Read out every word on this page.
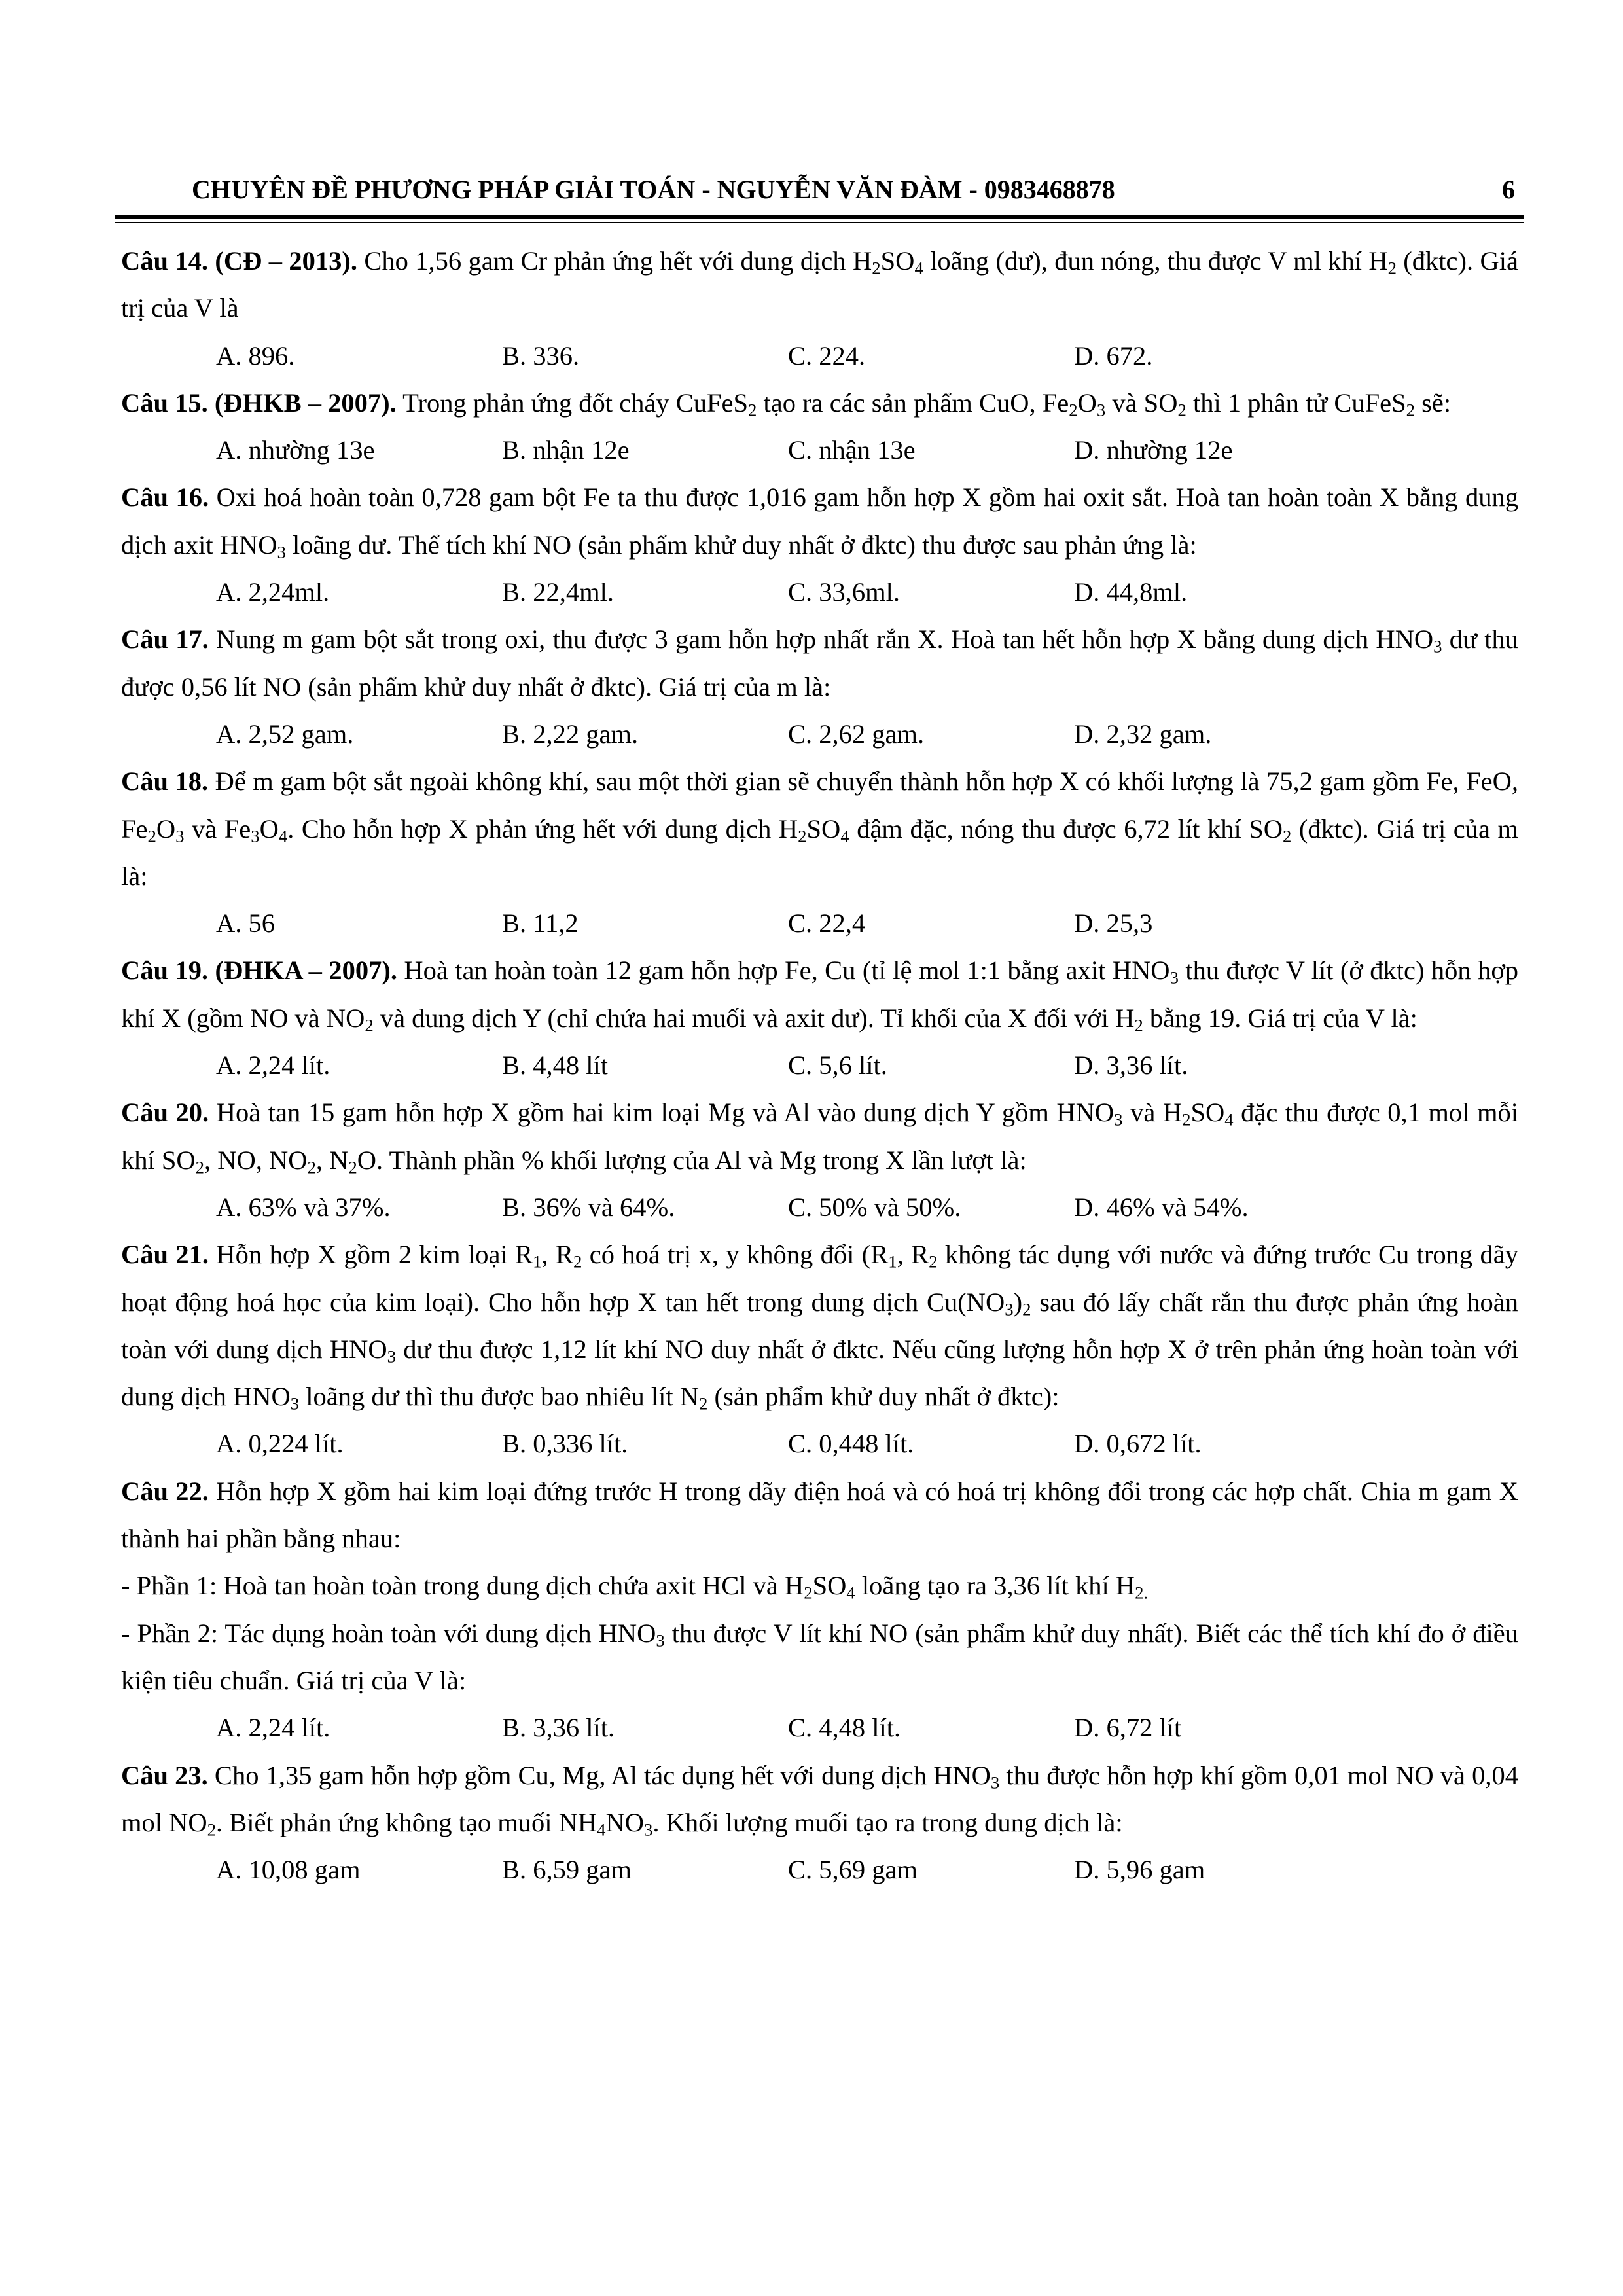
CHUYÊN ĐỀ PHƯƠNG PHÁP GIẢI TOÁN - NGUYỄN VĂN ĐÀM - 0983468878	6

Câu 14. (CĐ – 2013). Cho 1,56 gam Cr phản ứng hết với dung dịch $H_2SO_4$ loãng (dư), đun nóng, thu được V ml khí $H_2$ (đktc). Giá trị của V là

A. 896.	B. 336.	C. 224.	D. 672.

Câu 15. (ĐHKB – 2007). Trong phản ứng đốt cháy CuFeS$_2$ tạo ra các sản phẩm CuO, $Fe_2O_3$ và $SO_2$ thì 1 phân tử CuFeS$_2$ sẽ:

A. nhường 13e	B. nhận 12e	C. nhận 13e	D. nhường 12e

Câu 16. Oxi hoá hoàn toàn 0,728 gam bột Fe ta thu được 1,016 gam hỗn hợp X gồm hai oxit sắt. Hoà tan hoàn toàn X bằng dung dịch axit $HNO_3$ loãng dư. Thể tích khí NO (sản phẩm khử duy nhất ở đktc) thu được sau phản ứng là:

A. 2,24ml.	B. 22,4ml.	C. 33,6ml.	D. 44,8ml.

Câu 17. Nung m gam bột sắt trong oxi, thu được 3 gam hỗn hợp nhất rắn X. Hoà tan hết hỗn hợp X bằng dung dịch $HNO_3$ dư thu được 0,56 lít NO (sản phẩm khử duy nhất ở đktc). Giá trị của m là:

A. 2,52 gam.	B. 2,22 gam.	C. 2,62 gam.	D. 2,32 gam.

Câu 18. Để m gam bột sắt ngoài không khí, sau một thời gian sẽ chuyển thành hỗn hợp X có khối lượng là 75,2 gam gồm Fe, FeO, $Fe_2O_3$ và $Fe_3O_4$. Cho hỗn hợp X phản ứng hết với dung dịch $H_2SO_4$ đậm đặc, nóng thu được 6,72 lít khí $SO_2$ (đktc). Giá trị của m là:

A. 56	B. 11,2	C. 22,4	D. 25,3

Câu 19. (ĐHKA – 2007). Hoà tan hoàn toàn 12 gam hỗn hợp Fe, Cu (tỉ lệ mol 1:1 bằng axit $HNO_3$ thu được V lít (ở đktc) hỗn hợp khí X (gồm NO và $NO_2$ và dung dịch Y (chỉ chứa hai muối và axit dư). Tỉ khối của X đối với $H_2$ bằng 19. Giá trị của V là:

A. 2,24 lít.	B. 4,48 lít	C. 5,6 lít.	D. 3,36 lít.

Câu 20. Hoà tan 15 gam hỗn hợp X gồm hai kim loại Mg và Al vào dung dịch Y gồm $HNO_3$ và $H_2SO_4$ đặc thu được 0,1 mol mỗi khí $SO_2$, NO, $NO_2$, $N_2O$. Thành phần % khối lượng của Al và Mg trong X lần lượt là:

A. 63% và 37%.	B. 36% và 64%.	C. 50% và 50%.	D. 46% và 54%.

Câu 21. Hỗn hợp X gồm 2 kim loại $R_1$, $R_2$ có hoá trị x, y không đổi ($R_1$, $R_2$ không tác dụng với nước và đứng trước Cu trong dãy hoạt động hoá học của kim loại). Cho hỗn hợp X tan hết trong dung dịch $Cu(NO_3)_2$ sau đó lấy chất rắn thu được phản ứng hoàn toàn với dung dịch $HNO_3$ dư thu được 1,12 lít khí NO duy nhất ở đktc. Nếu cũng lượng hỗn hợp X ở trên phản ứng hoàn toàn với dung dịch $HNO_3$ loãng dư thì thu được bao nhiêu lít $N_2$ (sản phẩm khử duy nhất ở đktc):

A. 0,224 lít.	B. 0,336 lít.	C. 0,448 lít.	D. 0,672 lít.

Câu 22. Hỗn hợp X gồm hai kim loại đứng trước H trong dãy điện hoá và có hoá trị không đổi trong các hợp chất. Chia m gam X thành hai phần bằng nhau:

- Phần 1: Hoà tan hoàn toàn trong dung dịch chứa axit HCl và $H_2SO_4$ loãng tạo ra 3,36 lít khí $H_{2.}$

- Phần 2: Tác dụng hoàn toàn với dung dịch $HNO_3$ thu được V lít khí NO (sản phẩm khử duy nhất). Biết các thể tích khí đo ở điều kiện tiêu chuẩn. Giá trị của V là:

A. 2,24 lít.	B. 3,36 lít.	C. 4,48 lít.	D. 6,72 lít

Câu 23. Cho 1,35 gam hỗn hợp gồm Cu, Mg, Al tác dụng hết với dung dịch $HNO_3$ thu được hỗn hợp khí gồm 0,01 mol NO và 0,04 mol $NO_2$. Biết phản ứng không tạo muối $NH_4NO_3$. Khối lượng muối tạo ra trong dung dịch là:

A. 10,08 gam	B. 6,59 gam	C. 5,69 gam	D. 5,96 gam
